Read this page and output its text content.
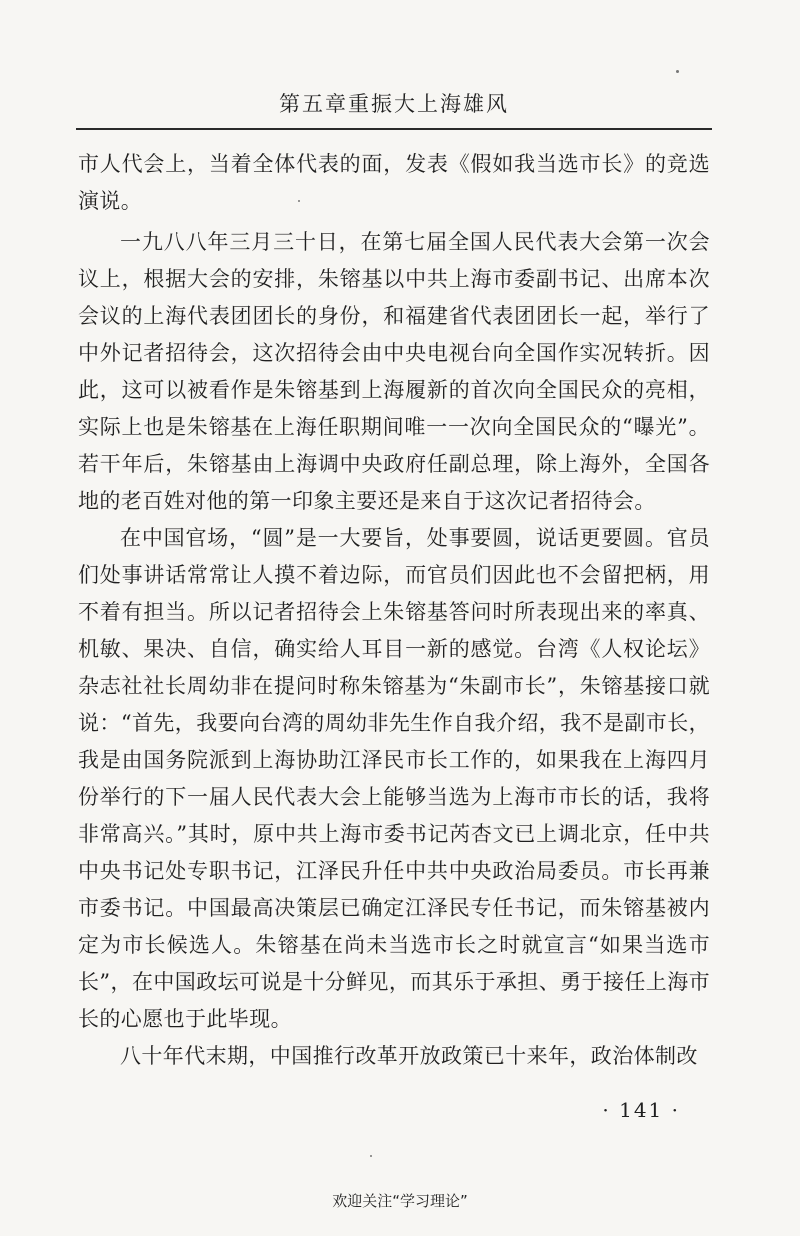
第五章重振大上海雄风

市人代会上，当着全体代表的面，发表《假如我当选市长》的竞选演说。

一九八八年三月三十日，在第七届全国人民代表大会第一次会议上，根据大会的安排，朱镕基以中共上海市委副书记、出席本次会议的上海代表团团长的身份，和福建省代表团团长一起，举行了中外记者招待会，这次招待会由中央电视台向全国作实况转折。因此，这可以被看作是朱镕基到上海履新的首次向全国民众的亮相，实际上也是朱镕基在上海任职期间唯一一次向全国民众的“曝光”。若干年后，朱镕基由上海调中央政府任副总理，除上海外，全国各地的老百姓对他的第一印象主要还是来自于这次记者招待会。

在中国官场，“圆”是一大要旨，处事要圆，说话更要圆。官员们处事讲话常常让人摸不着边际，而官员们因此也不会留把柄，用不着有担当。所以记者招待会上朱镕基答问时所表现出来的率真、机敏、果决、自信，确实给人耳目一新的感觉。台湾《人权论坛》杂志社社长周幼非在提问时称朱镕基为“朱副市长”，朱镕基接口就说：“首先，我要向台湾的周幼非先生作自我介绍，我不是副市长，我是由国务院派到上海协助江泽民市长工作的，如果我在上海四月份举行的下一届人民代表大会上能够当选为上海市市长的话，我将非常高兴。”其时，原中共上海市委书记芮杏文已上调北京，任中共中央书记处专职书记，江泽民升任中共中央政治局委员。市长再兼市委书记。中国最高决策层已确定江泽民专任书记，而朱镕基被内定为市长候选人。朱镕基在尚未当选市长之时就宣言“如果当选市长”，在中国政坛可说是十分鲜见，而其乐于承担、勇于接任上海市长的心愿也于此毕现。

八十年代末期，中国推行改革开放政策已十来年，政治体制改

· 141 ·
欢迎关注“学习理论”
